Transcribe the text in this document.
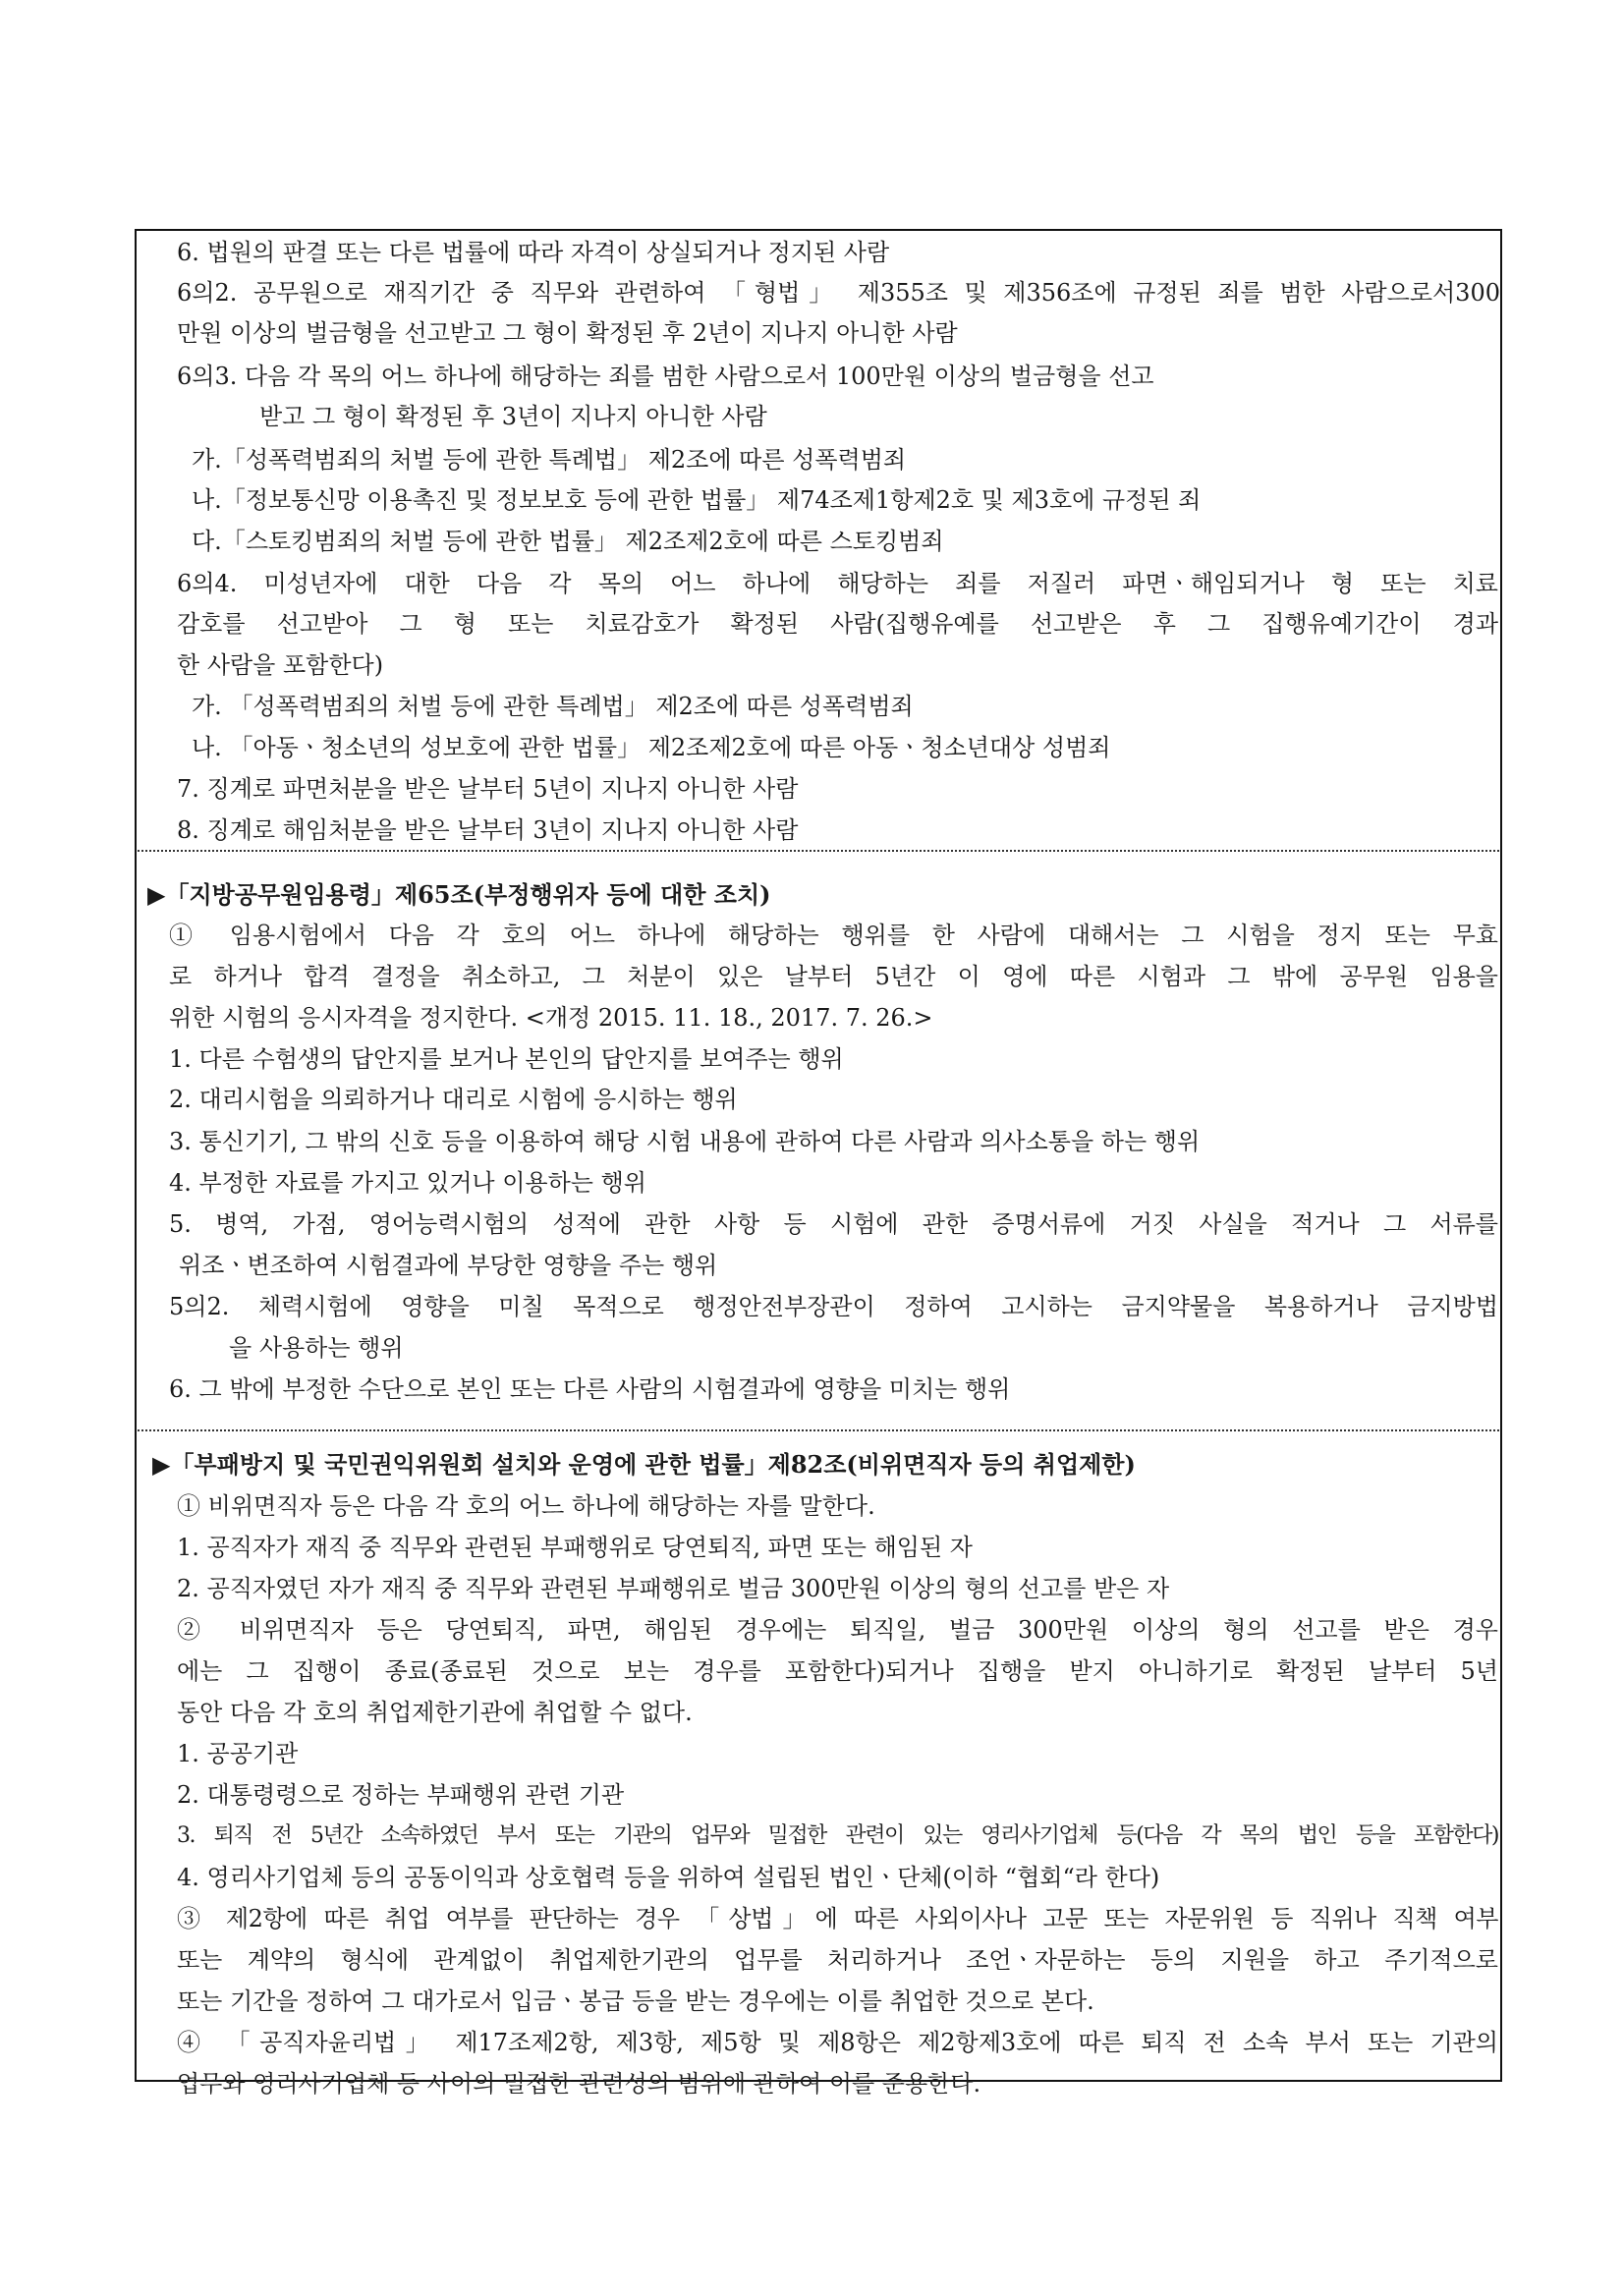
6. 법원의 판결 또는 다른 법률에 따라 자격이 상실되거나 정지된 사람
6의2. 공무원으로 재직기간 중 직무와 관련하여 「형법」 제355조 및 제356조에 규정된 죄를 범한 사람으로서300
만원 이상의 벌금형을 선고받고 그 형이 확정된 후 2년이 지나지 아니한 사람
6의3. 다음 각 목의 어느 하나에 해당하는 죄를 범한 사람으로서 100만원 이상의 벌금형을 선고
받고 그 형이 확정된 후 3년이 지나지 아니한 사람
가.「성폭력범죄의 처벌 등에 관한 특례법」 제2조에 따른 성폭력범죄
나.「정보통신망 이용촉진 및 정보보호 등에 관한 법률」 제74조제1항제2호 및 제3호에 규정된 죄
다.「스토킹범죄의 처벌 등에 관한 법률」 제2조제2호에 따른 스토킹범죄
6의4. 미성년자에 대한 다음 각 목의 어느 하나에 해당하는 죄를 저질러 파면ㆍ해임되거나 형 또는 치료
감호를 선고받아 그 형 또는 치료감호가 확정된 사람(집행유예를 선고받은 후 그 집행유예기간이 경과
한 사람을 포함한다)
가. 「성폭력범죄의 처벌 등에 관한 특례법」 제2조에 따른 성폭력범죄
나. 「아동ㆍ청소년의 성보호에 관한 법률」 제2조제2호에 따른 아동ㆍ청소년대상 성범죄
7. 징계로 파면처분을 받은 날부터 5년이 지나지 아니한 사람
8. 징계로 해임처분을 받은 날부터 3년이 지나지 아니한 사람
▶「지방공무원임용령」제65조(부정행위자 등에 대한 조치)
① 임용시험에서 다음 각 호의 어느 하나에 해당하는 행위를 한 사람에 대해서는 그 시험을 정지 또는 무효
로 하거나 합격 결정을 취소하고, 그 처분이 있은 날부터 5년간 이 영에 따른 시험과 그 밖에 공무원 임용을
위한 시험의 응시자격을 정지한다. <개정 2015. 11. 18., 2017. 7. 26.>
1. 다른 수험생의 답안지를 보거나 본인의 답안지를 보여주는 행위
2. 대리시험을 의뢰하거나 대리로 시험에 응시하는 행위
3. 통신기기, 그 밖의 신호 등을 이용하여 해당 시험 내용에 관하여 다른 사람과 의사소통을 하는 행위
4. 부정한 자료를 가지고 있거나 이용하는 행위
5. 병역, 가점, 영어능력시험의 성적에 관한 사항 등 시험에 관한 증명서류에 거짓 사실을 적거나 그 서류를
위조ㆍ변조하여 시험결과에 부당한 영향을 주는 행위
5의2. 체력시험에 영향을 미칠 목적으로 행정안전부장관이 정하여 고시하는 금지약물을 복용하거나 금지방법
을 사용하는 행위
6. 그 밖에 부정한 수단으로 본인 또는 다른 사람의 시험결과에 영향을 미치는 행위
▶「부패방지 및 국민권익위원회 설치와 운영에 관한 법률」제82조(비위면직자 등의 취업제한)
① 비위면직자 등은 다음 각 호의 어느 하나에 해당하는 자를 말한다.
1. 공직자가 재직 중 직무와 관련된 부패행위로 당연퇴직, 파면 또는 해임된 자
2. 공직자였던 자가 재직 중 직무와 관련된 부패행위로 벌금 300만원 이상의 형의 선고를 받은 자
② 비위면직자 등은 당연퇴직, 파면, 해임된 경우에는 퇴직일, 벌금 300만원 이상의 형의 선고를 받은 경우
에는 그 집행이 종료(종료된 것으로 보는 경우를 포함한다)되거나 집행을 받지 아니하기로 확정된 날부터 5년
동안 다음 각 호의 취업제한기관에 취업할 수 없다.
1. 공공기관
2. 대통령령으로 정하는 부패행위 관련 기관
3. 퇴직 전 5년간 소속하였던 부서 또는 기관의 업무와 밀접한 관련이 있는 영리사기업체 등(다음 각 목의 법인 등을 포함한다)
4. 영리사기업체 등의 공동이익과 상호협력 등을 위하여 설립된 법인ㆍ단체(이하 “협회“라 한다)
③ 제2항에 따른 취업 여부를 판단하는 경우 「상법」에 따른 사외이사나 고문 또는 자문위원 등 직위나 직책 여부
또는 계약의 형식에 관계없이 취업제한기관의 업무를 처리하거나 조언ㆍ자문하는 등의 지원을 하고 주기적으로
또는 기간을 정하여 그 대가로서 입금ㆍ봉급 등을 받는 경우에는 이를 취업한 것으로 본다.
④ 「공직자윤리법」 제17조제2항, 제3항, 제5항 및 제8항은 제2항제3호에 따른 퇴직 전 소속 부서 또는 기관의
업무와 영리사기업체 등 사이의 밀접한 관련성의 범위에 관하여 이를 준용한다.
